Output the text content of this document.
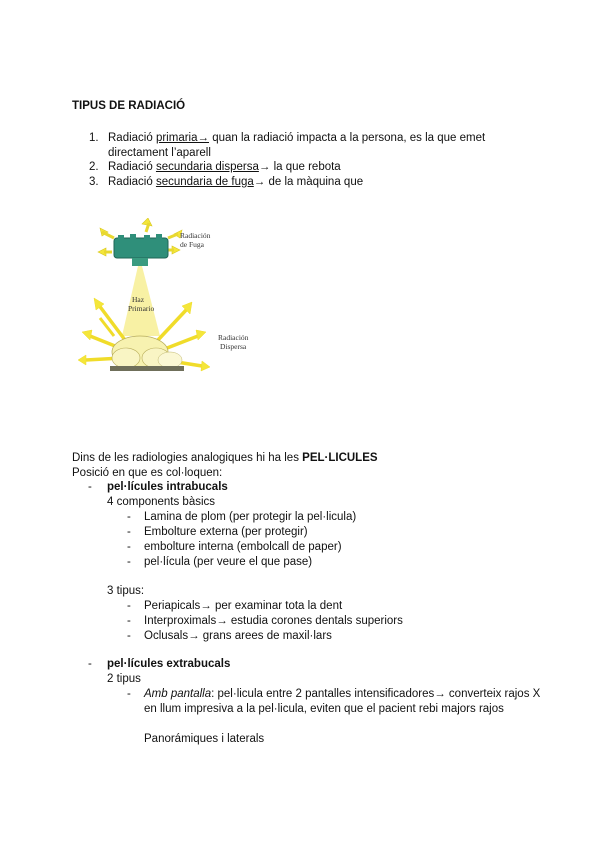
TIPUS DE RADIACIÓ
1. Radiació primaria→ quan la radiació impacta a la persona, es la que emet directament l’aparell
2. Radiació secundaria dispersa→ la que rebota
3. Radiació secundaria de fuga→ de la màquina que
Radiación
de Fuga
Haz
Primario
Radiación
Dispersa
Dins de les radiologies analogiques hi ha les PEL·LICULES
Posició en que es col·loquen:
- pel·lícules intrabucals
4 components bàsics
- Lamina de plom (per protegir la pel·licula)
- Embolture externa (per protegir)
- embolture interna (embolcall de paper)
- pel·lícula (per veure el que pase)
3 tipus:
- Periapicals→ per examinar tota la dent
- Interproximals→ estudia corones dentals superiors
- Oclusals→ grans arees de maxil·lars
- pel·lícules extrabucals
2 tipus
- Amb pantalla: pel·licula entre 2 pantalles intensificadores→ converteix rajos X
en llum impresiva a la pel·licula, eviten que el pacient rebi majors rajos
Panorámiques i laterals
